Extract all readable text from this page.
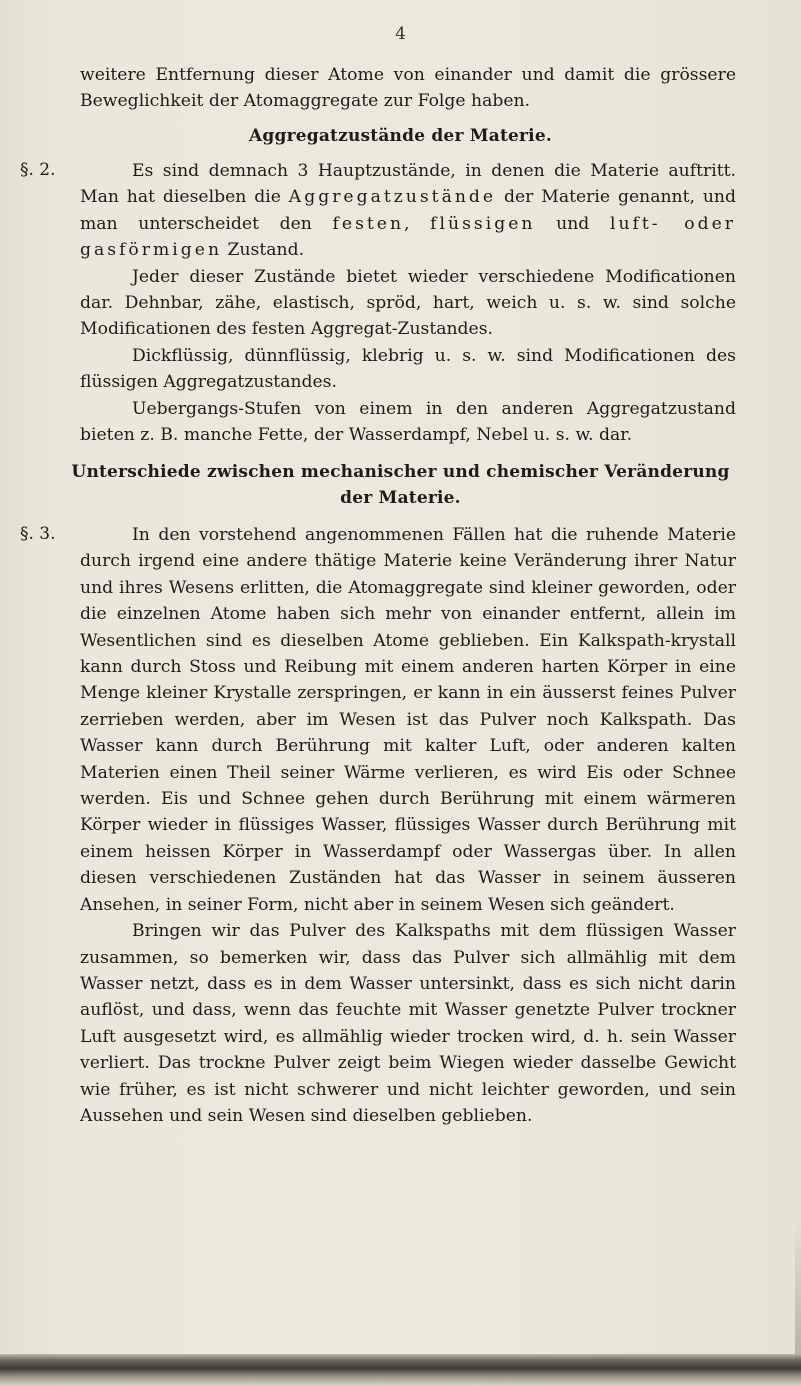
4

weitere Entfernung dieser Atome von einander und damit die grössere Beweglichkeit der Atomaggregate zur Folge haben.

Aggregatzustände der Materie.
§. 2.	Es sind demnach 3 Hauptzustände, in denen die Materie auftritt. Man hat dieselben die Aggregatzustände der Materie genannt, und man unterscheidet den festen, flüssigen und luft- oder gasförmigen Zustand.

Jeder dieser Zustände bietet wieder verschiedene Modificationen dar. Dehnbar, zähe, elastisch, spröd, hart, weich u. s. w. sind solche Modificationen des festen Aggregat-Zustandes.

Dickflüssig, dünnflüssig, klebrig u. s. w. sind Modificationen des flüssigen Aggregatzustandes.

Uebergangs-Stufen von einem in den anderen Aggregatzustand bieten z. B. manche Fette, der Wasserdampf, Nebel u. s. w. dar.

Unterschiede zwischen mechanischer und chemischer Veränderung
der Materie.
§. 3.	In den vorstehend angenommenen Fällen hat die ruhende Materie durch irgend eine andere thätige Materie keine Veränderung ihrer Natur und ihres Wesens erlitten, die Atomaggregate sind kleiner geworden, oder die einzelnen Atome haben sich mehr von einander entfernt, allein im Wesentlichen sind es dieselben Atome geblieben. Ein Kalkspath-krystall kann durch Stoss und Reibung mit einem anderen harten Körper in eine Menge kleiner Krystalle zerspringen, er kann in ein äusserst feines Pulver zerrieben werden, aber im Wesen ist das Pulver noch Kalkspath. Das Wasser kann durch Berührung mit kalter Luft, oder anderen kalten Materien einen Theil seiner Wärme verlieren, es wird Eis oder Schnee werden. Eis und Schnee gehen durch Berührung mit einem wärmeren Körper wieder in flüssiges Wasser, flüssiges Wasser durch Berührung mit einem heissen Körper in Wasserdampf oder Wassergas über. In allen diesen verschiedenen Zuständen hat das Wasser in seinem äusseren Ansehen, in seiner Form, nicht aber in seinem Wesen sich geändert.

Bringen wir das Pulver des Kalkspaths mit dem flüssigen Wasser zusammen, so bemerken wir, dass das Pulver sich allmählig mit dem Wasser netzt, dass es in dem Wasser untersinkt, dass es sich nicht darin auflöst, und dass, wenn das feuchte mit Wasser genetzte Pulver trockner Luft ausgesetzt wird, es allmählig wieder trocken wird, d. h. sein Wasser verliert. Das trockne Pulver zeigt beim Wiegen wieder dasselbe Gewicht wie früher, es ist nicht schwerer und nicht leichter geworden, und sein Aussehen und sein Wesen sind dieselben geblieben.
